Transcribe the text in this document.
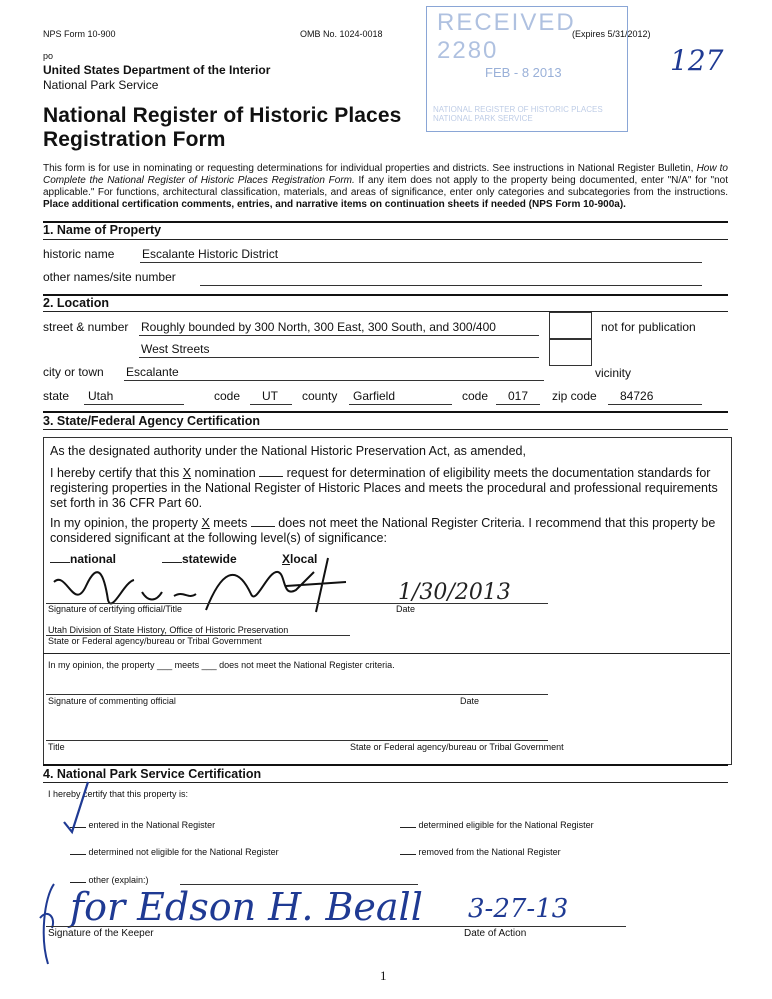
NPS Form 10-900	OMB No. 1024-0018	(Expires 5/31/2012)
po
United States Department of the Interior
National Park Service
127
RECEIVED 2280
FEB - 8 2013
NATIONAL REGISTER OF HISTORIC PLACES NATIONAL PARK SERVICE
National Register of Historic Places
Registration Form
This form is for use in nominating or requesting determinations for individual properties and districts. See instructions in National Register Bulletin, How to Complete the National Register of Historic Places Registration Form. If any item does not apply to the property being documented, enter "N/A" for "not applicable." For functions, architectural classification, materials, and areas of significance, enter only categories and subcategories from the instructions. Place additional certification comments, entries, and narrative items on continuation sheets if needed (NPS Form 10-900a).
1. Name of Property
historic name Escalante Historic District
other names/site number
2. Location
street & number Roughly bounded by 300 North, 300 East, 300 South, and 300/400
West Streets
not for publication
city or town Escalante	vicinity
state Utah	code UT county Garfield	code 017 zip code 84726
3. State/Federal Agency Certification
As the designated authority under the National Historic Preservation Act, as amended,
I hereby certify that this X nomination  request for determination of eligibility meets the documentation standards for registering properties in the National Register of Historic Places and meets the procedural and professional requirements set forth in 36 CFR Part 60.
In my opinion, the property X meets  does not meet the National Register Criteria. I recommend that this property be considered significant at the following level(s) of significance:
national	statewide	Xlocal
Signature of certifying official/Title	Date
1/30/2013
Utah Division of State History, Office of Historic Preservation
State or Federal agency/bureau or Tribal Government
In my opinion, the property ___ meets ___ does not meet the National Register criteria.
Signature of commenting official	Date
Title	State or Federal agency/bureau or Tribal Government
4. National Park Service Certification
I hereby certify that this property is:
entered in the National Register	determined eligible for the National Register
determined not eligible for the National Register	removed from the National Register
other (explain:)
for Edson H. Beall 3-27-13
Signature of the Keeper	Date of Action
1
